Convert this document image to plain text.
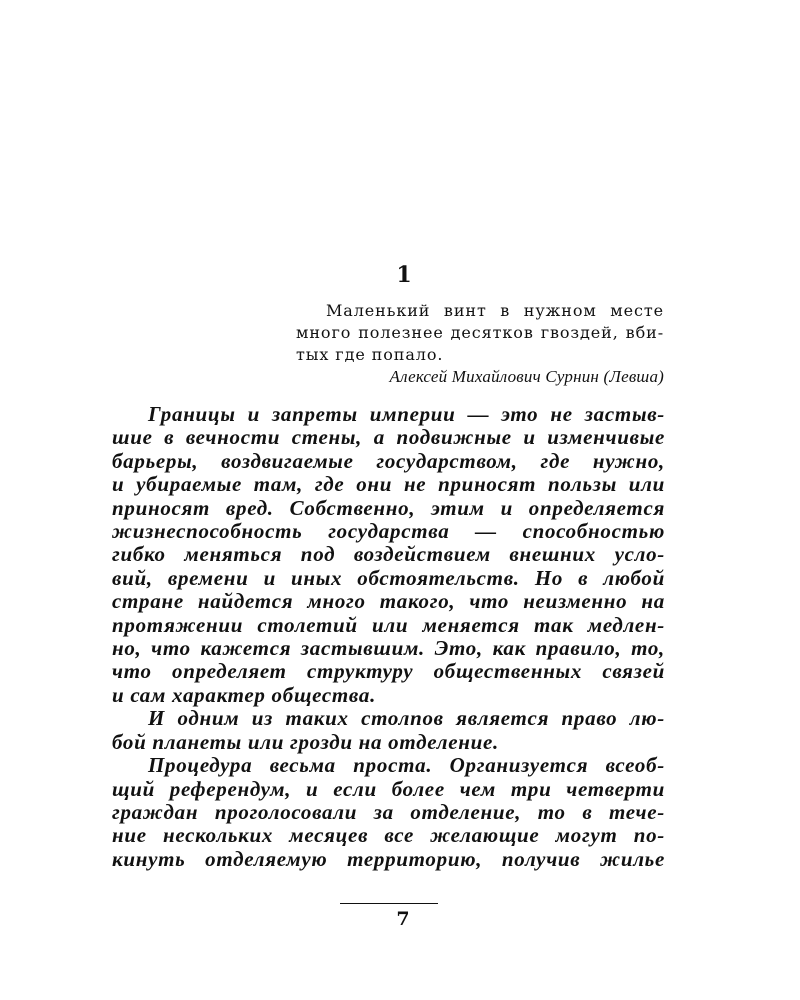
1
Маленький винт в нужном месте
много полезнее десятков гвоздей, вби-
тых где попало.
Алексей Михайлович Сурнин (Левша)
Границы и запреты империи — это не застыв-
шие в вечности стены, а подвижные и изменчивые
барьеры, воздвигаемые государством, где нужно,
и убираемые там, где они не приносят пользы или
приносят вред. Собственно, этим и определяется
жизнеспособность государства — способностью
гибко меняться под воздействием внешних усло-
вий, времени и иных обстоятельств. Но в любой
стране найдется много такого, что неизменно на
протяжении столетий или меняется так медлен-
но, что кажется застывшим. Это, как правило, то,
что определяет структуру общественных связей
и сам характер общества.
И одним из таких столпов является право лю-
бой планеты или грозди на отделение.
Процедура весьма проста. Организуется всеоб-
щий референдум, и если более чем три четверти
граждан проголосовали за отделение, то в тече-
ние нескольких месяцев все желающие могут по-
кинуть отделяемую территорию, получив жилье
7
